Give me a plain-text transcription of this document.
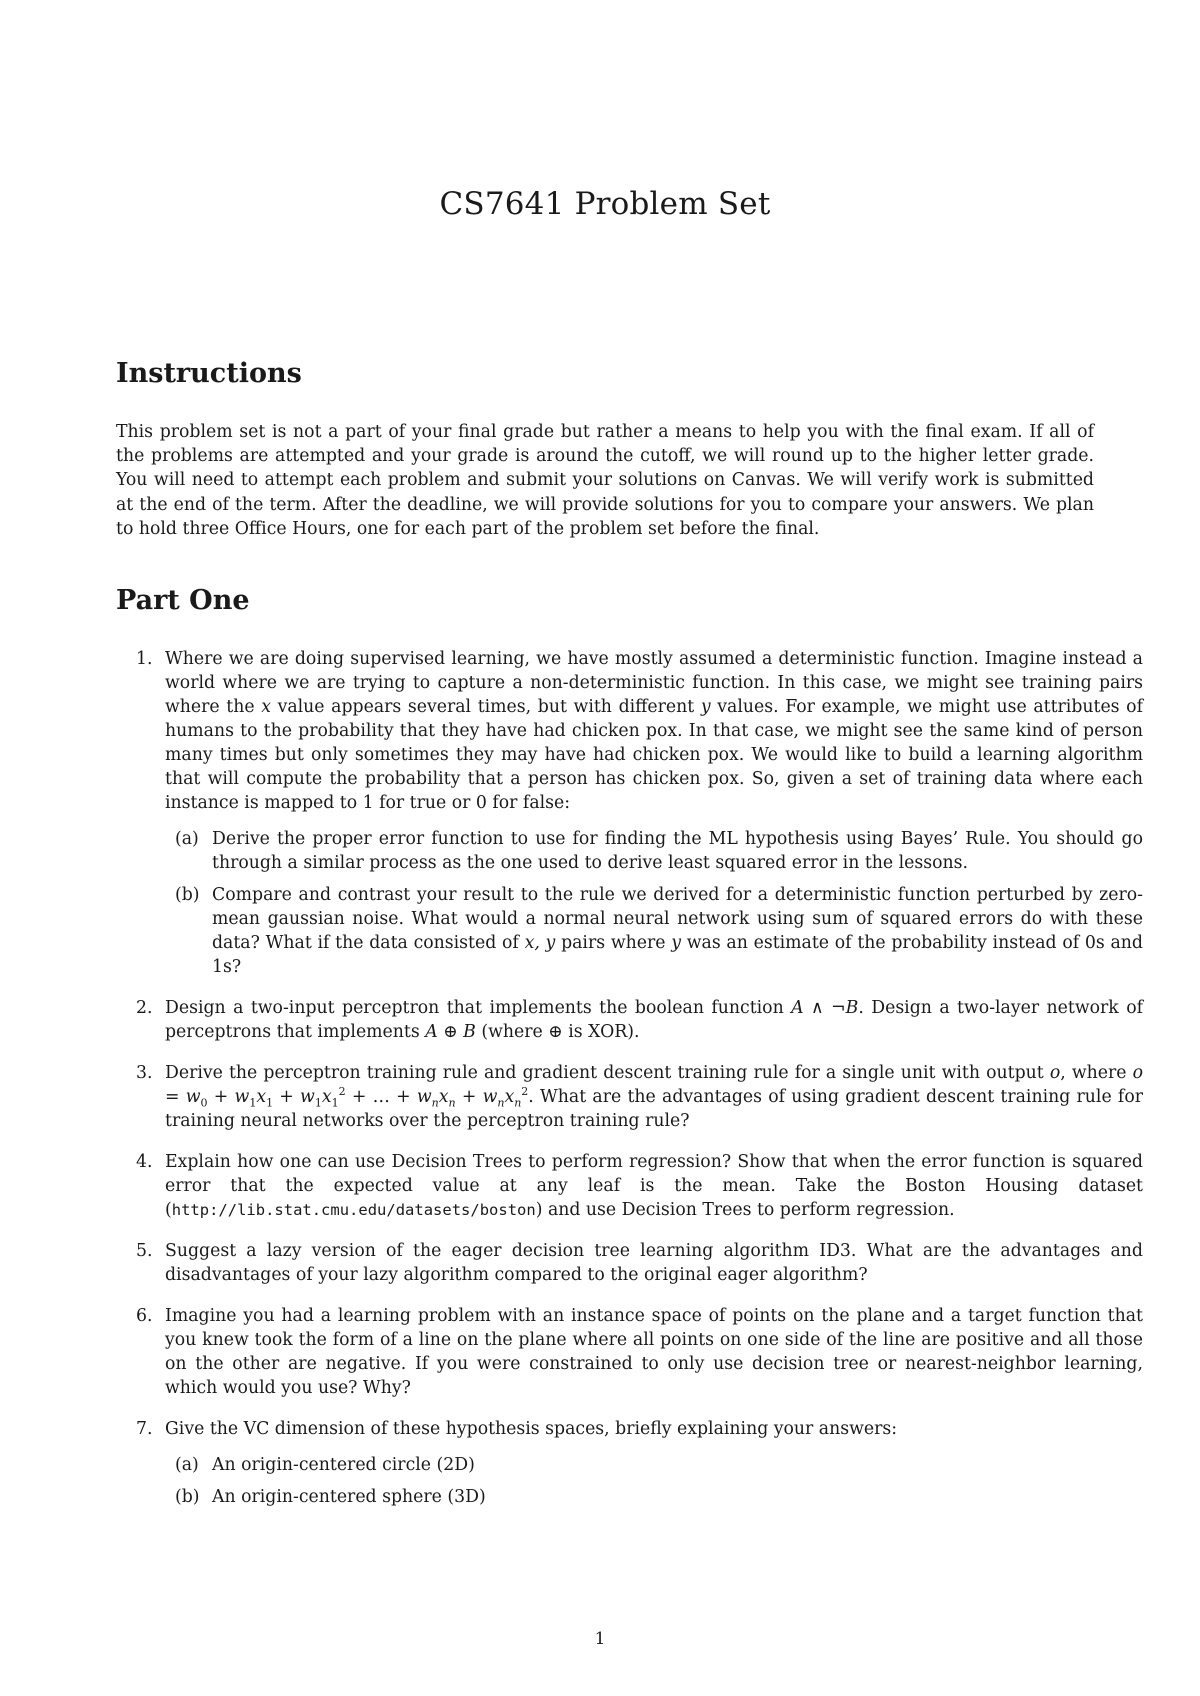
CS7641 Problem Set
Instructions

This problem set is not a part of your final grade but rather a means to help you with the final exam. If all of the problems are attempted and your grade is around the cutoff, we will round up to the higher letter grade. You will need to attempt each problem and submit your solutions on Canvas. We will verify work is submitted at the end of the term. After the deadline, we will provide solutions for you to compare your answers. We plan to hold three Office Hours, one for each part of the problem set before the final.

Part One
1. Where we are doing supervised learning, we have mostly assumed a deterministic function. Imagine instead a world where we are trying to capture a non-deterministic function. In this case, we might see training pairs where the x value appears several times, but with different y values. For example, we might use attributes of humans to the probability that they have had chicken pox. In that case, we might see the same kind of person many times but only sometimes they may have had chicken pox. We would like to build a learning algorithm that will compute the probability that a person has chicken pox. So, given a set of training data where each instance is mapped to 1 for true or 0 for false:
(a) Derive the proper error function to use for finding the ML hypothesis using Bayes’ Rule. You should go through a similar process as the one used to derive least squared error in the lessons.
(b) Compare and contrast your result to the rule we derived for a deterministic function perturbed by zero-mean gaussian noise. What would a normal neural network using sum of squared errors do with these data? What if the data consisted of x, y pairs where y was an estimate of the probability instead of 0s and 1s?
2. Design a two-input perceptron that implements the boolean function A ∧ ¬B. Design a two-layer network of perceptrons that implements A ⊕ B (where ⊕ is XOR).
3. Derive the perceptron training rule and gradient descent training rule for a single unit with output o, where $o = w_0 + w_1x_1 + w_1x_1^2$ + … + $w_nx_n + w_nx_n^2$. What are the advantages of using gradient descent training rule for training neural networks over the perceptron training rule?
4. Explain how one can use Decision Trees to perform regression? Show that when the error function is squared error that the expected value at any leaf is the mean. Take the Boston Housing dataset (http://lib.stat.cmu.edu/datasets/boston) and use Decision Trees to perform regression.
5. Suggest a lazy version of the eager decision tree learning algorithm ID3. What are the advantages and disadvantages of your lazy algorithm compared to the original eager algorithm?
6. Imagine you had a learning problem with an instance space of points on the plane and a target function that you knew took the form of a line on the plane where all points on one side of the line are positive and all those on the other are negative. If you were constrained to only use decision tree or nearest-neighbor learning, which would you use? Why?
7. Give the VC dimension of these hypothesis spaces, briefly explaining your answers:
(a) An origin-centered circle (2D)
(b) An origin-centered sphere (3D)
1
